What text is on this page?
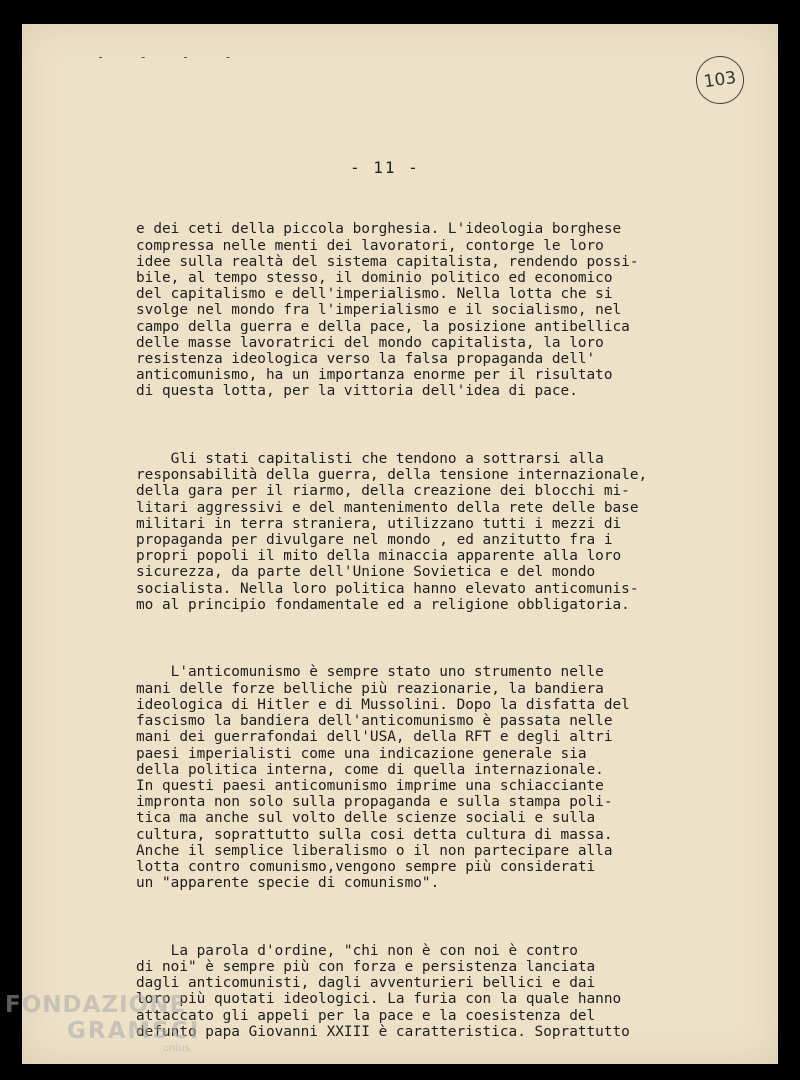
- - - -
103
- 11 -

e dei ceti della piccola borghesia. L'ideologia borghese
compressa nelle menti dei lavoratori, contorge le loro
idee sulla realtà del sistema capitalista, rendendo possi-
bile, al tempo stesso, il dominio politico ed economico
del capitalismo e dell'imperialismo. Nella lotta che si
svolge nel mondo fra l'imperialismo e il socialismo, nel
campo della guerra e della pace, la posizione antibellica
delle masse lavoratrici del mondo capitalista, la loro
resistenza ideologica verso la falsa propaganda dell'
anticomunismo, ha un importanza enorme per il risultato
di questa lotta, per la vittoria dell'idea di pace.

Gli stati capitalisti che tendono a sottrarsi alla
responsabilità della guerra, della tensione internazionale,
della gara per il riarmo, della creazione dei blocchi mi-
litari aggressivi e del mantenimento della rete delle base
militari in terra straniera, utilizzano tutti i mezzi di
propaganda per divulgare nel mondo , ed anzitutto fra i
propri popoli il mito della minaccia apparente alla loro
sicurezza, da parte dell'Unione Sovietica e del mondo
socialista. Nella loro politica hanno elevato anticomunis-
mo al principio fondamentale ed a religione obbligatoria.

L'anticomunismo è sempre stato uno strumento nelle
mani delle forze belliche più reazionarie, la bandiera
ideologica di Hitler e di Mussolini. Dopo la disfatta del
fascismo la bandiera dell'anticomunismo è passata nelle
mani dei guerrafondai dell'USA, della RFT e degli altri
paesi imperialisti come una indicazione generale sia
della politica interna, come di quella internazionale.
In questi paesi anticomunismo imprime una schiacciante
impronta non solo sulla propaganda e sulla stampa poli-
tica ma anche sul volto delle scienze sociali e sulla
cultura, soprattutto sulla cosi detta cultura di massa.
Anche il semplice liberalismo o il non partecipare alla
lotta contro comunismo,vengono sempre più considerati
un "apparente specie di comunismo".

La parola d'ordine, "chi non è con noi è contro
di noi" è sempre più con forza e persistenza lanciata
dagli anticomunisti, dagli avventurieri bellici e dai
loro più quotati ideologici. La furia con la quale hanno
attaccato gli appeli per la pace e la coesistenza del
defunto papa Giovanni XXIII è caratteristica. Soprattutto

FONDAZIONE
GRAMSCI
onlus
